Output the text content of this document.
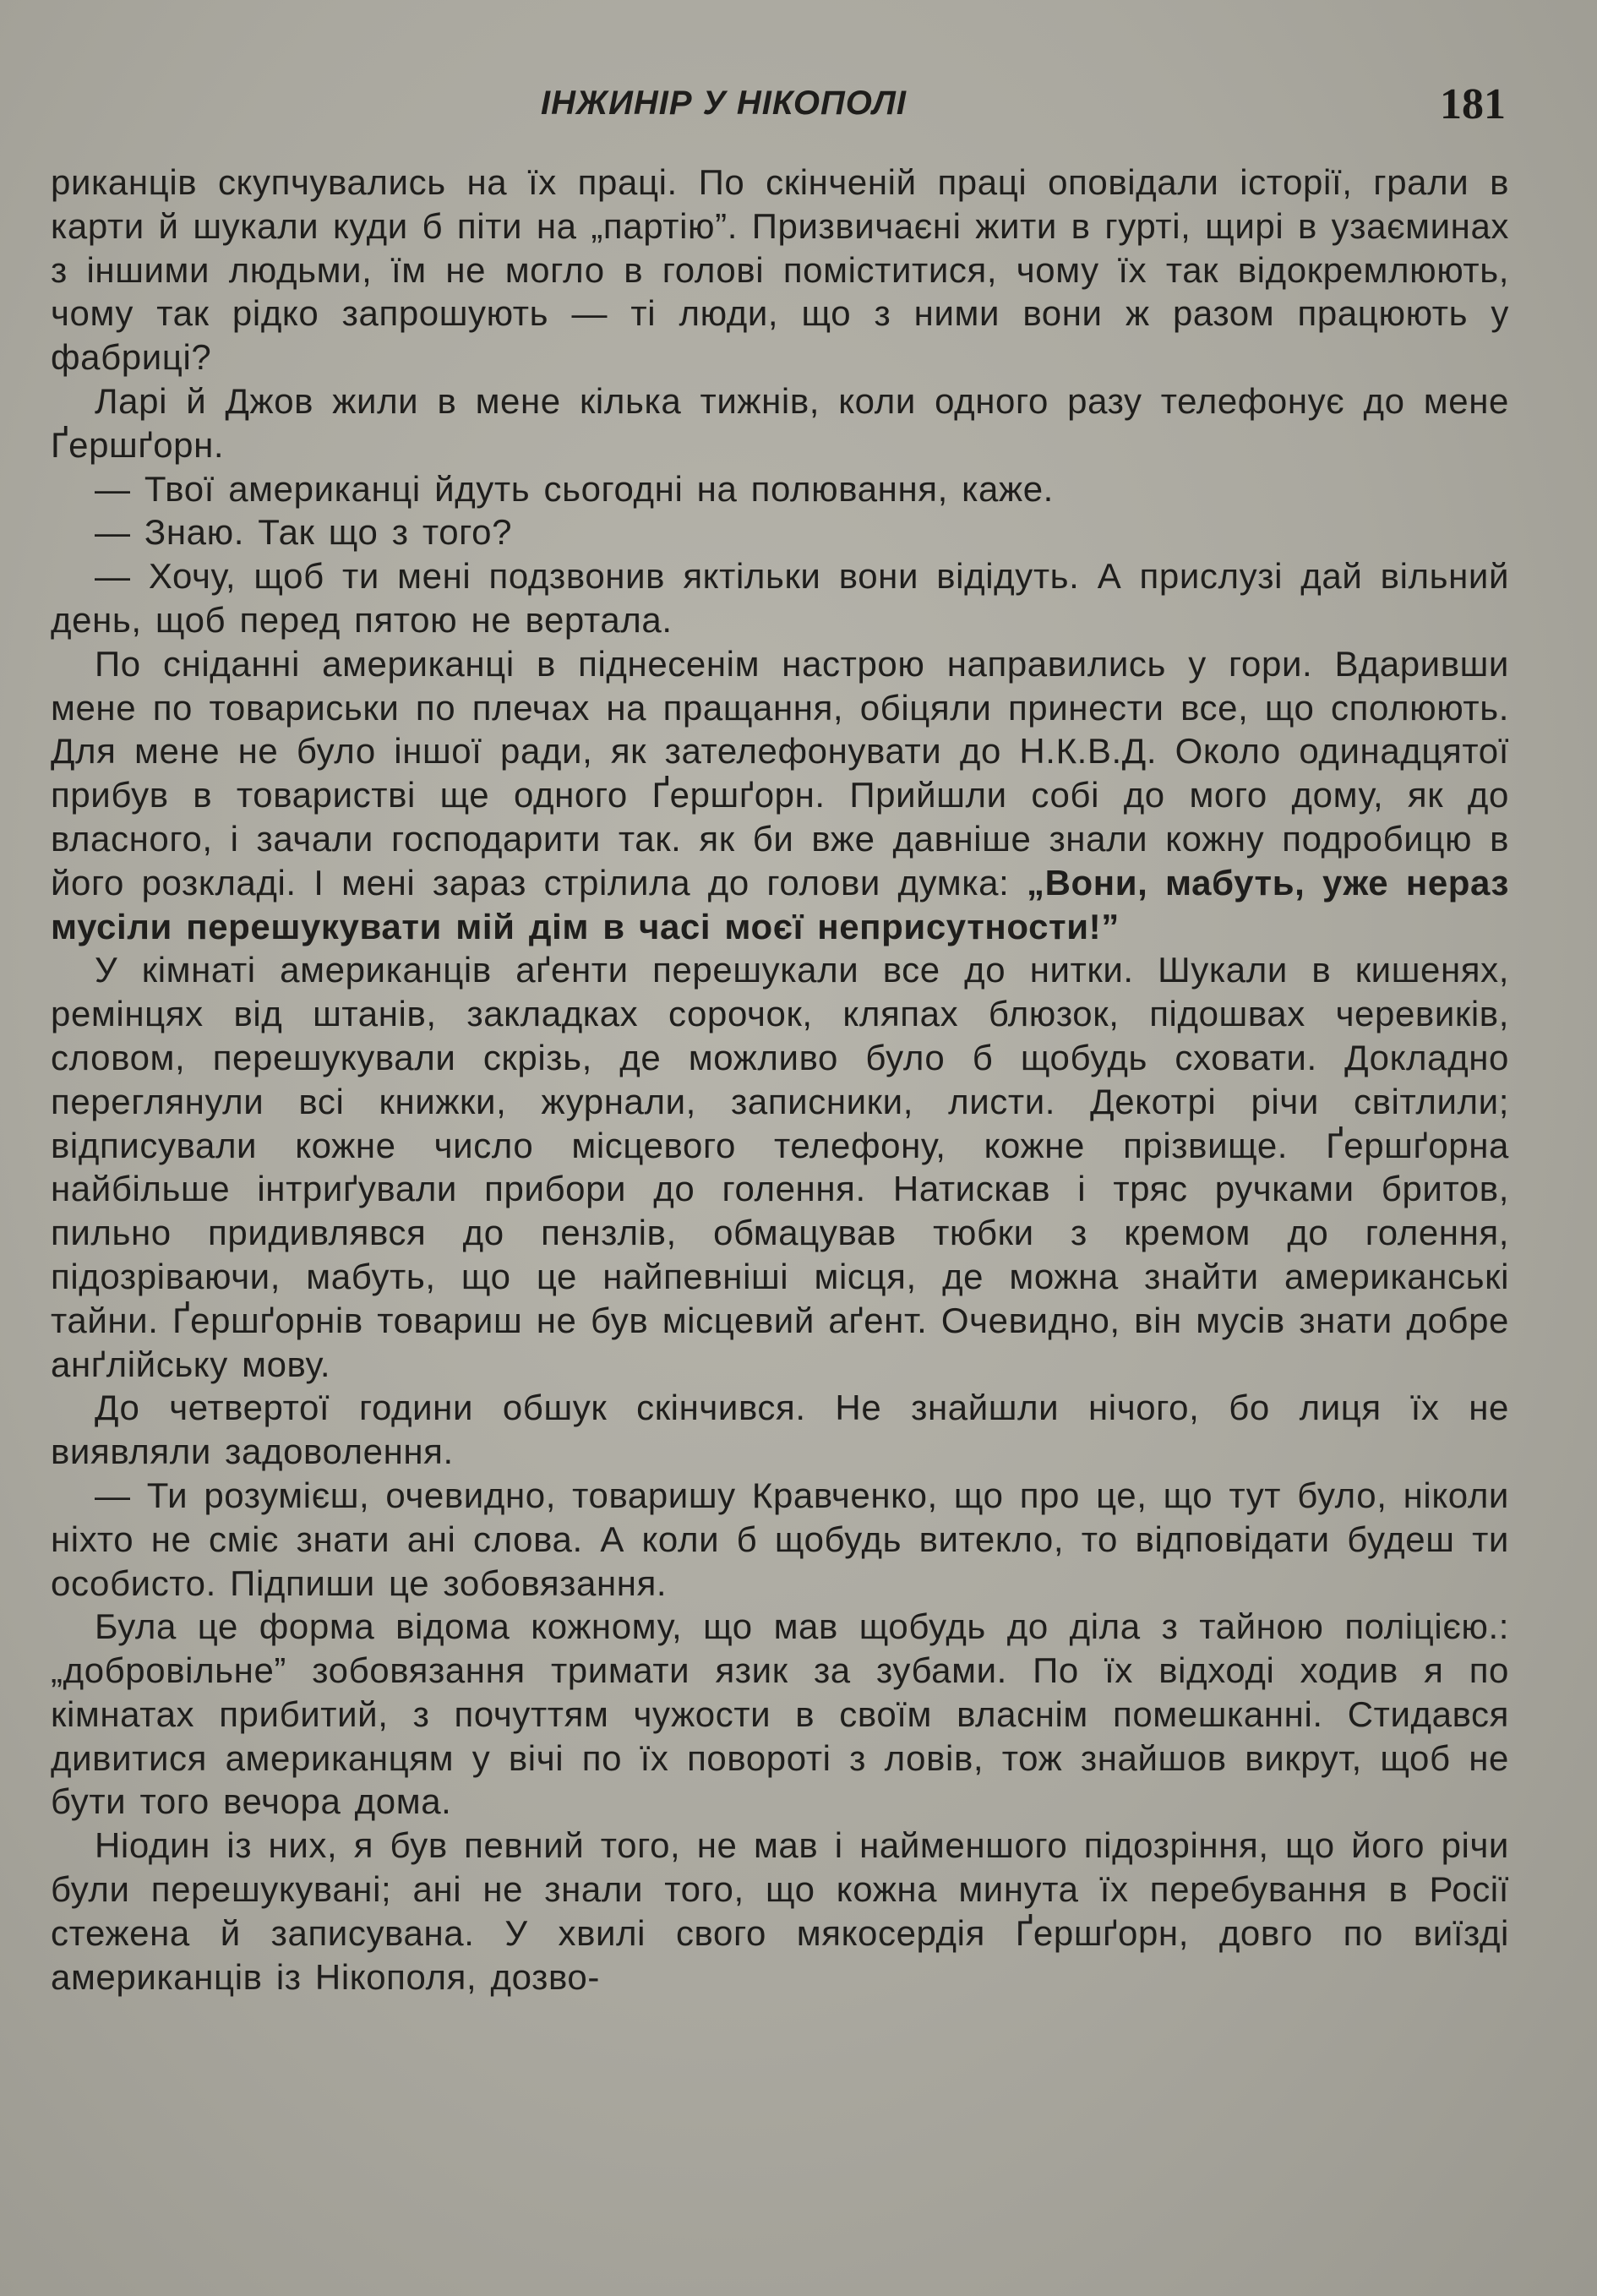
ІНЖИНІР У НІКОПОЛІ	181

риканців скупчувались на їх праці. По скінченій праці оповідали історії, грали в карти й шукали куди б піти на „партію”. Призвичаєні жити в гурті, щирі в узаєминах з іншими людьми, їм не могло в голові поміститися, чому їх так відокремлюють, чому так рідко запрошують — ті люди, що з ними вони ж разом працюють у фабриці?

Ларі й Джов жили в мене кілька тижнів, коли одного разу телефонує до мене Ґершґорн.

— Твої американці йдуть сьогодні на полювання, каже.

— Знаю. Так що з того?

— Хочу, щоб ти мені подзвонив яктільки вони відідуть. А прислузі дай вільний день, щоб перед пятою не вертала.

По сніданні американці в піднесенім настрою направились у гори. Вдаривши мене по товариськи по плечах на пращання, обіцяли принести все, що сполюють. Для мене не було іншої ради, як зателефонувати до Н.К.В.Д. Около одинадцятої прибув в товаристві ще одного Ґершґорн. Прийшли собі до мого дому, як до власного, і зачали господарити так. як би вже давніше знали кожну подробицю в його розкладі. І мені зараз стрілила до голови думка: „Вони, мабуть, уже нераз мусіли перешукувати мій дім в часі моєї неприсутности!”

У кімнаті американців аґенти перешукали все до нитки. Шукали в кишенях, ремінцях від штанів, закладках сорочок, кляпах блюзок, підошвах черевиків, словом, перешукували скрізь, де можливо було б щобудь сховати. Докладно переглянули всі книжки, журнали, записники, листи. Декотрі річи світлили; відписували кожне число місцевого телефону, кожне прізвище. Ґершґорна найбільше інтриґували прибори до голення. Натискав і тряс ручками бритов, пильно придивлявся до пензлів, обмацував тюбки з кремом до голення, підозріваючи, мабуть, що це найпевніші місця, де можна знайти американські тайни. Ґершґорнів товариш не був місцевий аґент. Очевидно, він мусів знати добре анґлійську мову.

До четвертої години обшук скінчився. Не знайшли нічого, бо лиця їх не виявляли задоволення.

— Ти розумієш, очевидно, товаришу Кравченко, що про це, що тут було, ніколи ніхто не сміє знати ані слова. А коли б щобудь витекло, то відповідати будеш ти особисто. Підпиши це зобовязання.

Була це форма відома кожному, що мав щобудь до діла з тайною поліцією.: „добровільне” зобовязання тримати язик за зубами. По їх відході ходив я по кімнатах прибитий, з почуттям чужости в своїм власнім помешканні. Стидався дивитися американцям у вічі по їх повороті з ловів, тож знайшов викрут, щоб не бути того вечора дома.

Ніодин із них, я був певний того, не мав і найменшого підозріння, що його річи були перешукувані; ані не знали того, що кожна минута їх перебування в Росії стежена й записувана. У хвилі свого мякосердія Ґершґорн, довго по виїзді американців із Нікополя, дозво-
